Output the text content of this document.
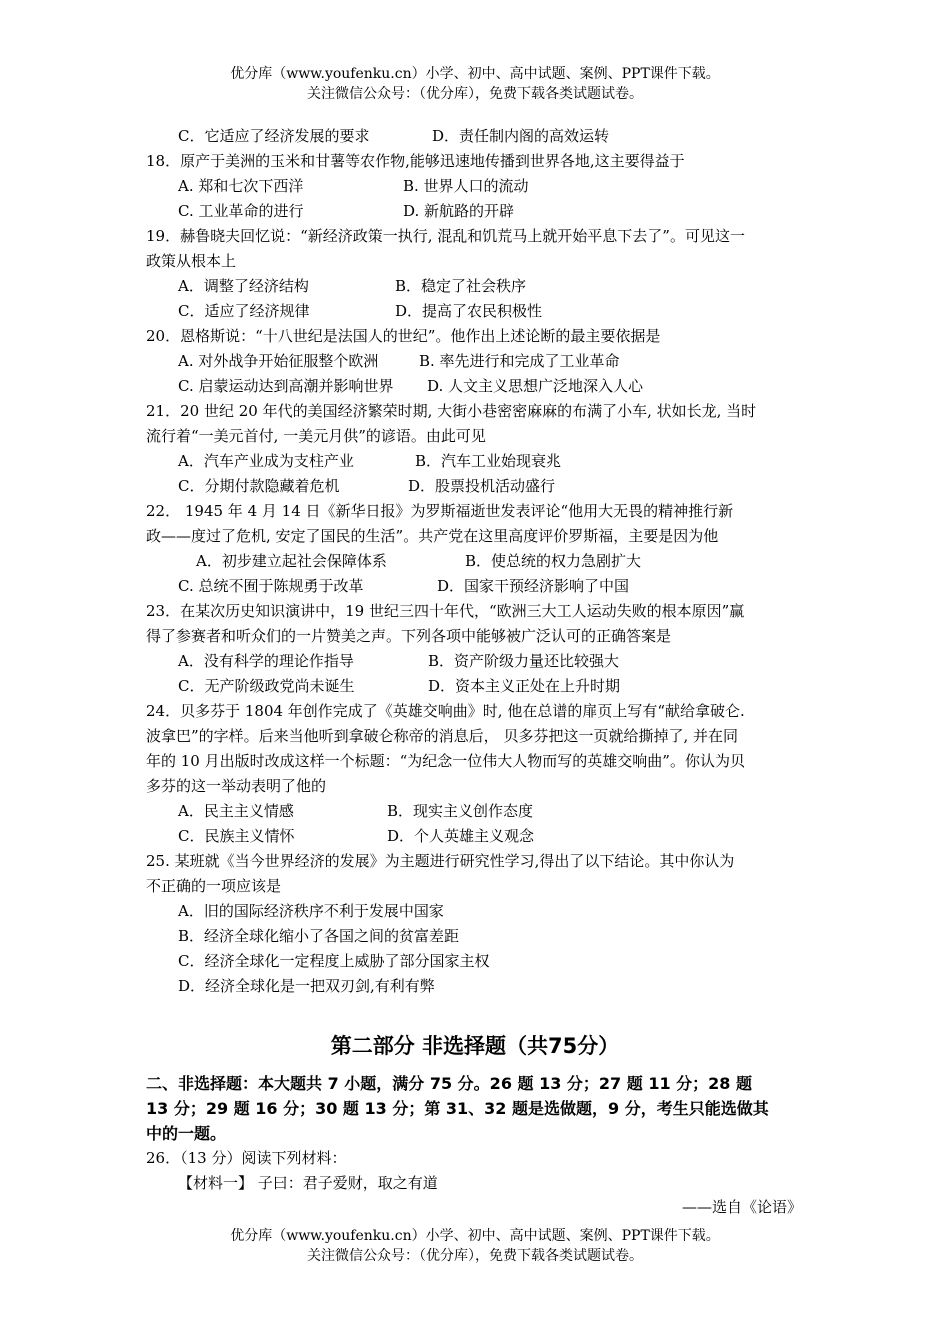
优分库（www.youfenku.cn）小学、初中、高中试题、案例、PPT课件下载。
关注微信公众号：（优分库），免费下载各类试题试卷。
C．它适应了经济发展的要求	D．责任制内阁的高效运转
18．原产于美洲的玉米和甘薯等农作物,能够迅速地传播到世界各地,这主要得益于
A. 郑和七次下西洋	B. 世界人口的流动
C. 工业革命的进行	D. 新航路的开辟
19．赫鲁晓夫回忆说：“新经济政策一执行, 混乱和饥荒马上就开始平息下去了”。可见这一
政策从根本上
A．调整了经济结构	B．稳定了社会秩序
C．适应了经济规律	D．提高了农民积极性
20．恩格斯说：“十八世纪是法国人的世纪”。他作出上述论断的最主要依据是
A. 对外战争开始征服整个欧洲	B. 率先进行和完成了工业革命
C. 启蒙运动达到高潮并影响世界 D. 人文主义思想广泛地深入人心
21．20 世纪 20 年代的美国经济繁荣时期, 大街小巷密密麻麻的布满了小车, 状如长龙, 当时
流行着“一美元首付, 一美元月供”的谚语。由此可见
A．汽车产业成为支柱产业	B．汽车工业始现衰兆
C．分期付款隐藏着危机	D．股票投机活动盛行
22． 1945 年 4 月 14 日《新华日报》为罗斯福逝世发表评论“他用大无畏的精神推行新
政——度过了危机, 安定了国民的生活”。共产党在这里高度评价罗斯福，主要是因为他
A．初步建立起社会保障体系	B．使总统的权力急剧扩大
C. 总统不囿于陈规勇于改革	D．国家干预经济影响了中国
23．在某次历史知识演讲中，19 世纪三四十年代，“欧洲三大工人运动失败的根本原因”赢
得了参赛者和听众们的一片赞美之声。下列各项中能够被广泛认可的正确答案是
A．没有科学的理论作指导	B．资产阶级力量还比较强大
C．无产阶级政党尚未诞生	D．资本主义正处在上升时期
24．贝多芬于 1804 年创作完成了《英雄交响曲》时, 他在总谱的扉页上写有“献给拿破仑.
波拿巴”的字样。后来当他听到拿破仑称帝的消息后， 贝多芬把这一页就给撕掉了, 并在同
年的 10 月出版时改成这样一个标题：“为纪念一位伟大人物而写的英雄交响曲”。你认为贝
多芬的这一举动表明了他的
A．民主主义情感	B．现实主义创作态度
C．民族主义情怀	D．个人英雄主义观念
25. 某班就《当今世界经济的发展》为主题进行研究性学习,得出了以下结论。其中你认为
不正确的一项应该是
A．旧的国际经济秩序不利于发展中国家
B．经济全球化缩小了各国之间的贫富差距
C．经济全球化一定程度上威胁了部分国家主权
D．经济全球化是一把双刃剑,有利有弊
第二部分 非选择题（共75分）
二、非选择题：本大题共 7 小题，满分 75 分。26 题 13 分；27 题 11 分；28 题
13 分；29 题 16 分；30 题 13 分；第 31、32 题是选做题，9 分，考生只能选做其
中的一题。
26．（13 分）阅读下列材料：
【材料一】 子曰：君子爱财，取之有道
——选自《论语》
优分库（www.youfenku.cn）小学、初中、高中试题、案例、PPT课件下载。
关注微信公众号：（优分库），免费下载各类试题试卷。
